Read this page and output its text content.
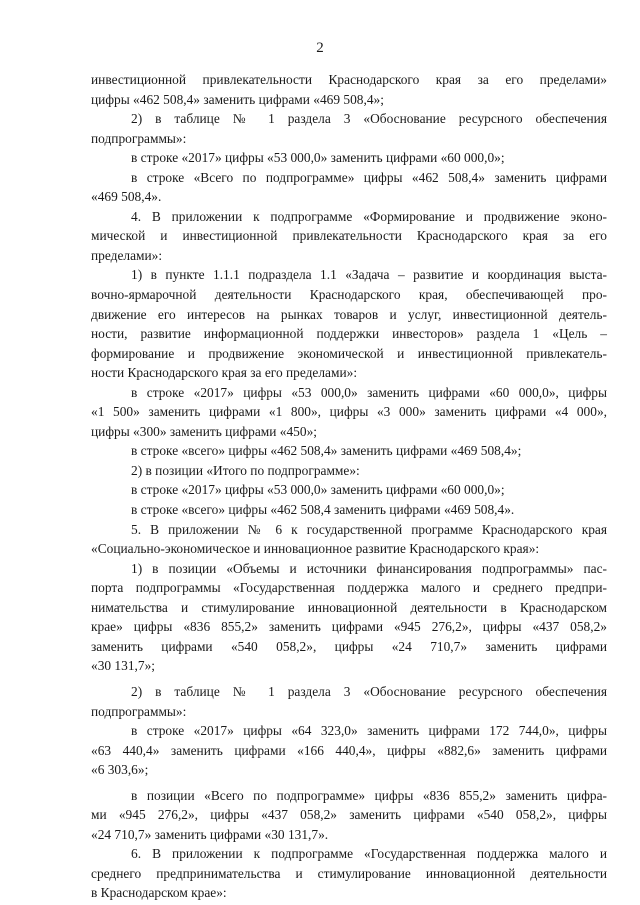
2
инвестиционной привлекательности Краснодарского края за его пределами»
цифры «462 508,4» заменить цифрами «469 508,4»;
2) в таблице № 1 раздела 3 «Обоснование ресурсного обеспечения
подпрограммы»:
в строке «2017» цифры «53 000,0» заменить цифрами «60 000,0»;
в строке «Всего по подпрограмме» цифры «462 508,4» заменить цифрами
«469 508,4».
4. В приложении к подпрограмме «Формирование и продвижение эконо-
мической и инвестиционной привлекательности Краснодарского края за его
пределами»:
1) в пункте 1.1.1 подраздела 1.1 «Задача – развитие и координация выста-
вочно-ярмарочной деятельности Краснодарского края, обеспечивающей про-
движение его интересов на рынках товаров и услуг, инвестиционной деятель-
ности, развитие информационной поддержки инвесторов» раздела 1 «Цель –
формирование и продвижение экономической и инвестиционной привлекатель-
ности Краснодарского края за его пределами»:
в строке «2017» цифры «53 000,0» заменить цифрами «60 000,0», цифры
«1 500» заменить цифрами «1 800», цифры «3 000» заменить цифрами «4 000»,
цифры «300» заменить цифрами «450»;
в строке «всего» цифры «462 508,4» заменить цифрами «469 508,4»;
2) в позиции «Итого по подпрограмме»:
в строке «2017» цифры «53 000,0» заменить цифрами «60 000,0»;
в строке «всего» цифры «462 508,4 заменить цифрами «469 508,4».
5. В приложении № 6 к государственной программе Краснодарского края
«Социально-экономическое и инновационное развитие Краснодарского края»:
1) в позиции «Объемы и источники финансирования подпрограммы» пас-
порта подпрограммы «Государственная поддержка малого и среднего предпри-
нимательства и стимулирование инновационной деятельности в Краснодарском
крае» цифры «836 855,2» заменить цифрами «945 276,2», цифры «437 058,2»
заменить цифрами «540 058,2», цифры «24 710,7» заменить цифрами
«30 131,7»;
2) в таблице № 1 раздела 3 «Обоснование ресурсного обеспечения
подпрограммы»:
в строке «2017» цифры «64 323,0» заменить цифрами 172 744,0», цифры
«63 440,4» заменить цифрами «166 440,4», цифры «882,6» заменить цифрами
«6 303,6»;
в позиции «Всего по подпрограмме» цифры «836 855,2» заменить цифра-
ми «945 276,2», цифры «437 058,2» заменить цифрами «540 058,2», цифры
«24 710,7» заменить цифрами «30 131,7».
6. В приложении к подпрограмме «Государственная поддержка малого и
среднего предпринимательства и стимулирование инновационной деятельности
в Краснодарском крае»:
